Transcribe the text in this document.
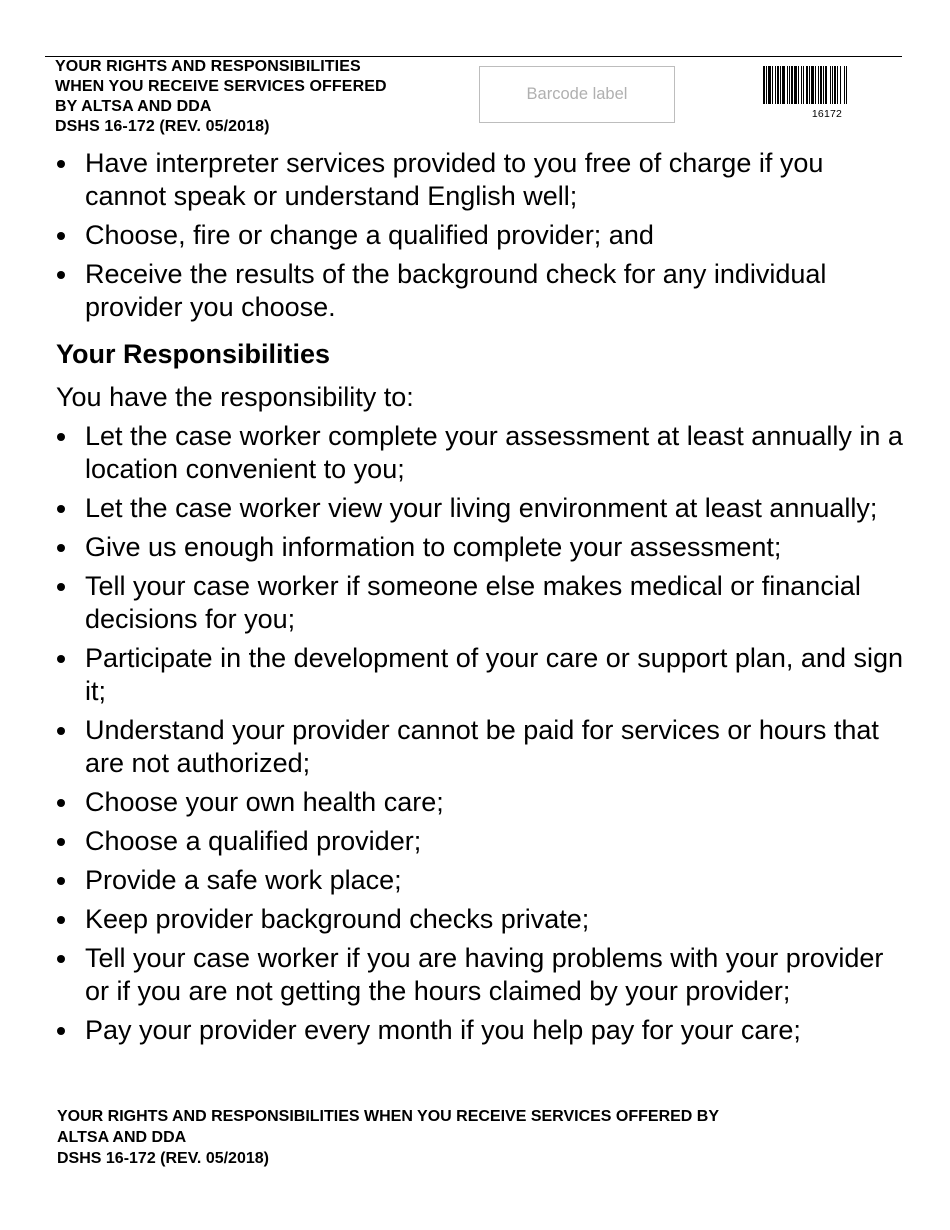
YOUR RIGHTS AND RESPONSIBILITIES
WHEN YOU RECEIVE SERVICES OFFERED
BY ALTSA AND DDA
DSHS 16-172 (REV. 05/2018)
Barcode label
16172
Have interpreter services provided to you free of charge if you cannot speak or understand English well;
Choose, fire or change a qualified provider; and
Receive the results of the background check for any individual provider you choose.
Your Responsibilities

You have the responsibility to:

Let the case worker complete your assessment at least annually in a location convenient to you;
Let the case worker view your living environment at least annually;
Give us enough information to complete your assessment;
Tell your case worker if someone else makes medical or financial decisions for you;
Participate in the development of your care or support plan, and sign it;
Understand your provider cannot be paid for services or hours that are not authorized;
Choose your own health care;
Choose a qualified provider;
Provide a safe work place;
Keep provider background checks private;
Tell your case worker if you are having problems with your provider or if you are not getting the hours claimed by your provider;
Pay your provider every month if you help pay for your care;
YOUR RIGHTS AND RESPONSIBILITIES WHEN YOU RECEIVE SERVICES OFFERED BY
ALTSA AND DDA
DSHS 16-172 (REV. 05/2018)
